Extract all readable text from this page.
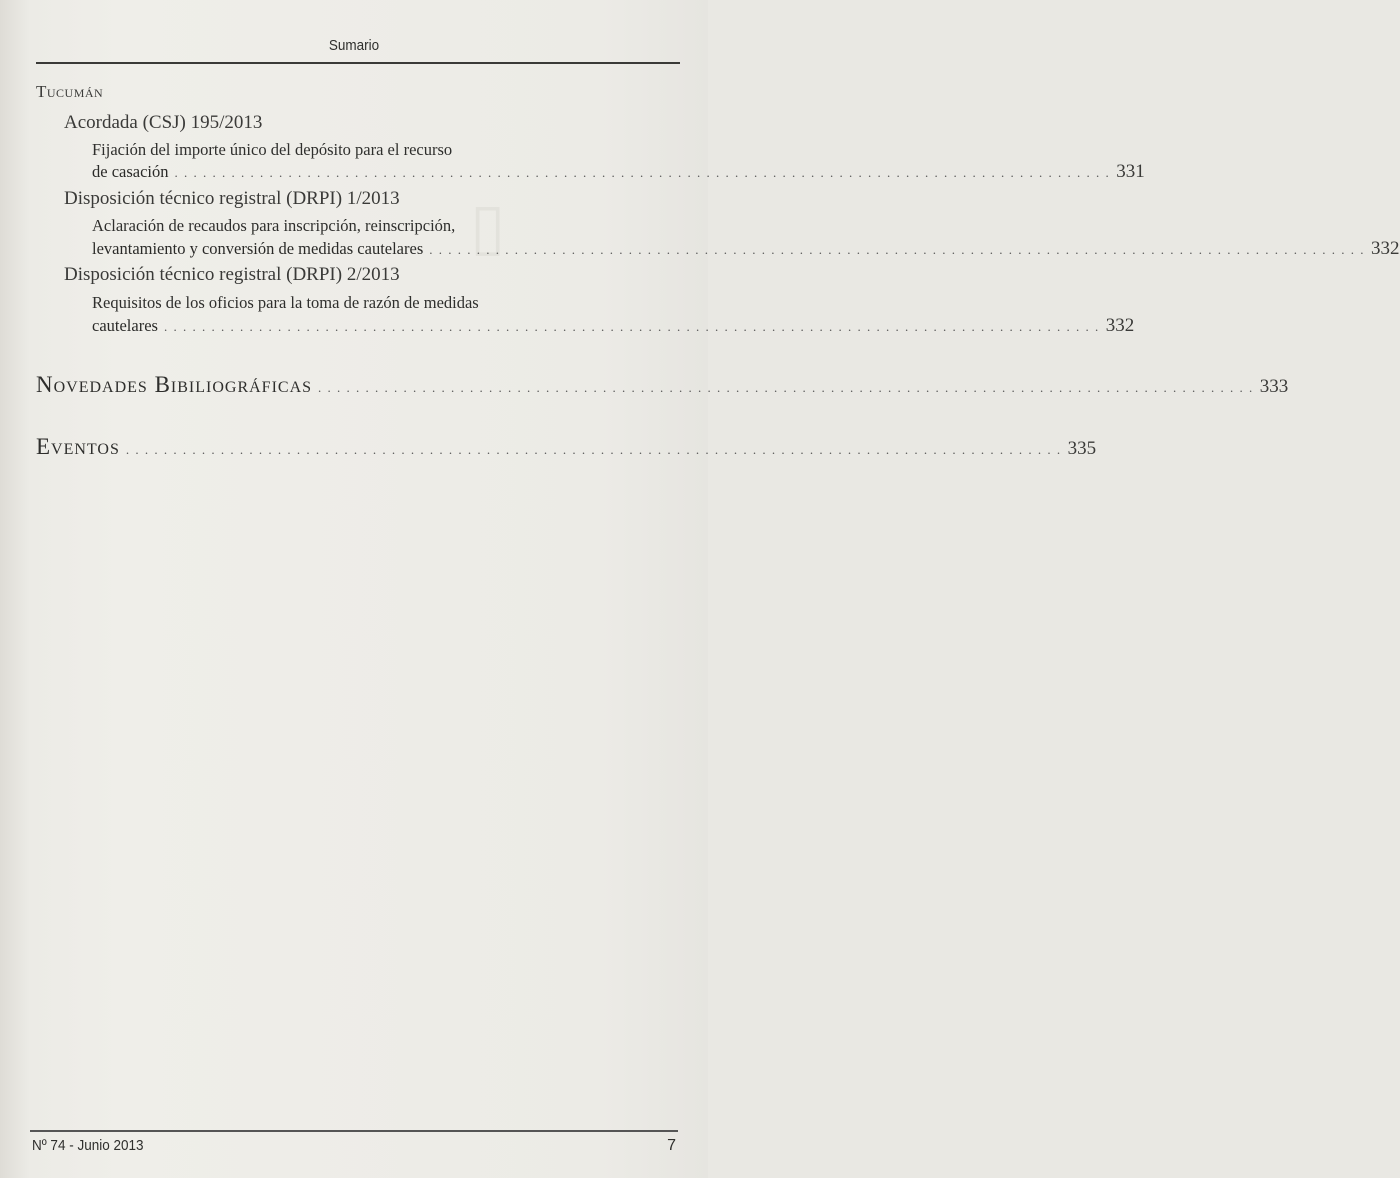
Sumario
Tucumán
Acordada (CSJ) 195/2013
Fijación del importe único del depósito para el recurso
de casación . . . . . . . . . . . . . . . . . . . . . . . . . . . . . . . . . . . . . . . . . . . . . . . . . . . . . . . . . . . . . . . . . . . . . . . . . . . . . . . . . . . . . . . . . . . . . . . . . . . 331
Disposición técnico registral (DRPI) 1/2013
Aclaración de recaudos para inscripción, reinscripción,
levantamiento y conversión de medidas cautelares . . . . . . . . . . . . . . . . . . . . . . . . . . . . . . . . . . . . . . . . . . . . . . . . . . . . . . . . . . . . . . . . . . . . . . . . . . . . . . . . . . . . . . . . . . . . . . . . . . . 332
Disposición técnico registral (DRPI) 2/2013
Requisitos de los oficios para la toma de razón de medidas
cautelares . . . . . . . . . . . . . . . . . . . . . . . . . . . . . . . . . . . . . . . . . . . . . . . . . . . . . . . . . . . . . . . . . . . . . . . . . . . . . . . . . . . . . . . . . . . . . . . . . . . 332
Novedades Bibiliográficas . . . . . . . . . . . . . . . . . . . . . . . . . . . . . . . . . . . . . . . . . . . . . . . . . . . . . . . . . . . . . . . . . . . . . . . . . . . . . . . . . . . . . . . . . . . . . . . . . . . 333
Eventos . . . . . . . . . . . . . . . . . . . . . . . . . . . . . . . . . . . . . . . . . . . . . . . . . . . . . . . . . . . . . . . . . . . . . . . . . . . . . . . . . . . . . . . . . . . . . . . . . . . 335
▯
Nº 74 - Junio 2013	7
